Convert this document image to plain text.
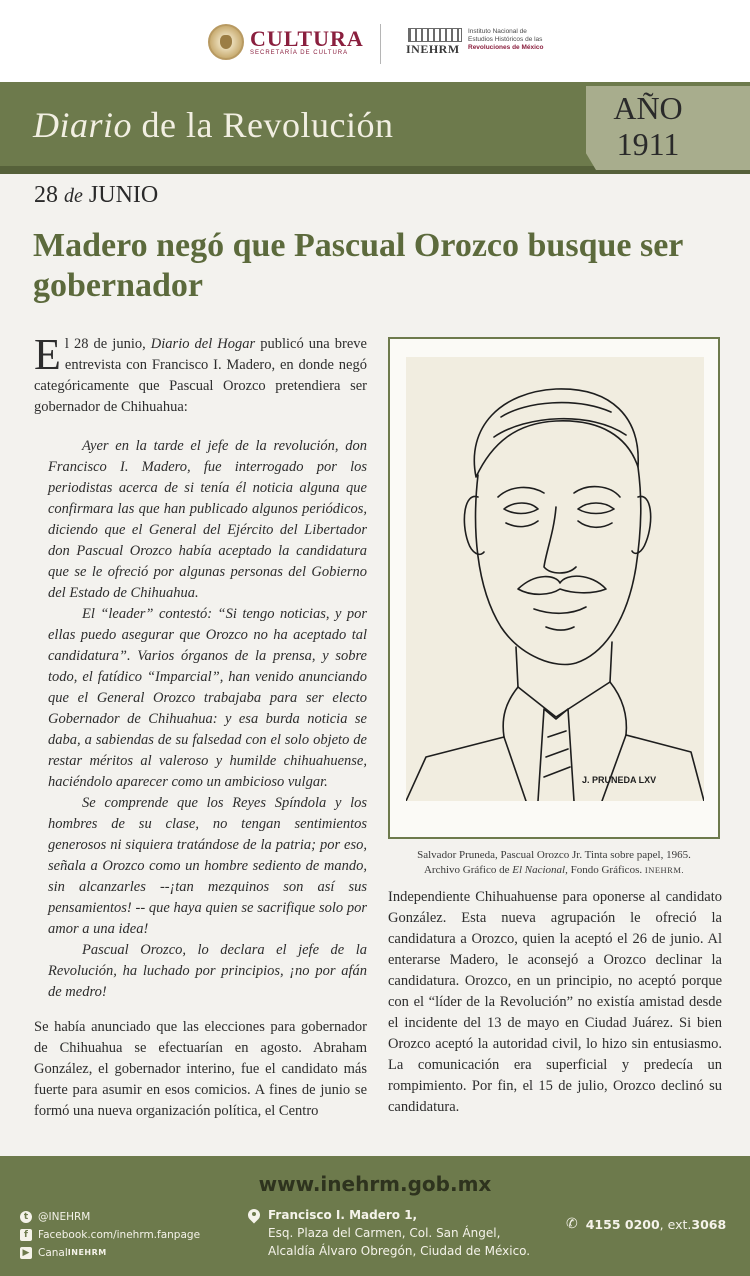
CULTURA
SECRETARÍA DE CULTURA	INEHRM
Instituto Nacional de
Estudios Históricos de las
Revoluciones de México
Diario de la Revolución	AÑO
1911
28 de JUNIO
Madero negó que Pascual Orozco busque ser gobernador

El 28 de junio, Diario del Hogar publicó una breve entrevista con Francisco I. Madero, en donde negó categóricamente que Pascual Orozco pretendiera ser gobernador de Chihuahua:

Ayer en la tarde el jefe de la revolución, don Francisco I. Madero, fue interrogado por los periodistas acerca de si tenía él noticia alguna que confirmara las que han publicado algunos periódicos, diciendo que el General del Ejército del Libertador don Pascual Orozco había aceptado la candidatura que se le ofreció por algunas personas del Gobierno del Estado de Chihuahua.

El “leader” contestó: “Si tengo noticias, y por ellas puedo asegurar que Orozco no ha aceptado tal candidatura”. Varios órganos de la prensa, y sobre todo, el fatídico “Imparcial”, han venido anunciando que el General Orozco trabajaba para ser electo Gobernador de Chihuahua: y esa burda noticia se daba, a sabiendas de su falsedad con el solo objeto de restar méritos al valeroso y humilde chihuahuense, haciéndolo aparecer como un ambicioso vulgar.

Se comprende que los Reyes Spíndola y los hombres de su clase, no tengan sentimientos generosos ni siquiera tratándose de la patria; por eso, señala a Orozco como un hombre sediento de mando, sin alcanzarles --¡tan mezquinos son así sus pensamientos! -- que haya quien se sacrifique solo por amor a una idea!

Pascual Orozco, lo declara el jefe de la Revolución, ha luchado por principios, ¡no por afán de medro!

Se había anunciado que las elecciones para gobernador de Chihuahua se efectuarían en agosto. Abraham González, el gobernador interino, fue el candidato más fuerte para asumir en esos comicios. A fines de junio se formó una nueva organización política, el Centro

J. PRUNEDA LXV
Salvador Pruneda, Pascual Orozco Jr. Tinta sobre papel, 1965.
Archivo Gráfico de El Nacional, Fondo Gráficos. INEHRM.

Independiente Chihuahuense para oponerse al candidato González. Esta nueva agrupación le ofreció la candidatura a Orozco, quien la aceptó el 26 de junio. Al enterarse Madero, le aconsejó a Orozco declinar la candidatura. Orozco, en un principio, no aceptó porque con el “líder de la Revolución” no existía amistad desde el incidente del 13 de mayo en Ciudad Juárez. Si bien Orozco aceptó la autoridad civil, lo hizo sin entusiasmo. La comunicación era superficial y predecía un rompimiento. Por fin, el 15 de julio, Orozco declinó su candidatura.

www.inehrm.gob.mx
t @INEHRM
f Facebook.com/inehrm.fanpage
▶ Canal INEHRM
Francisco I. Madero 1,
Esq. Plaza del Carmen, Col. San Ángel,
Alcaldía Álvaro Obregón, Ciudad de México.
✆ 4155 0200 , ext. 3068
